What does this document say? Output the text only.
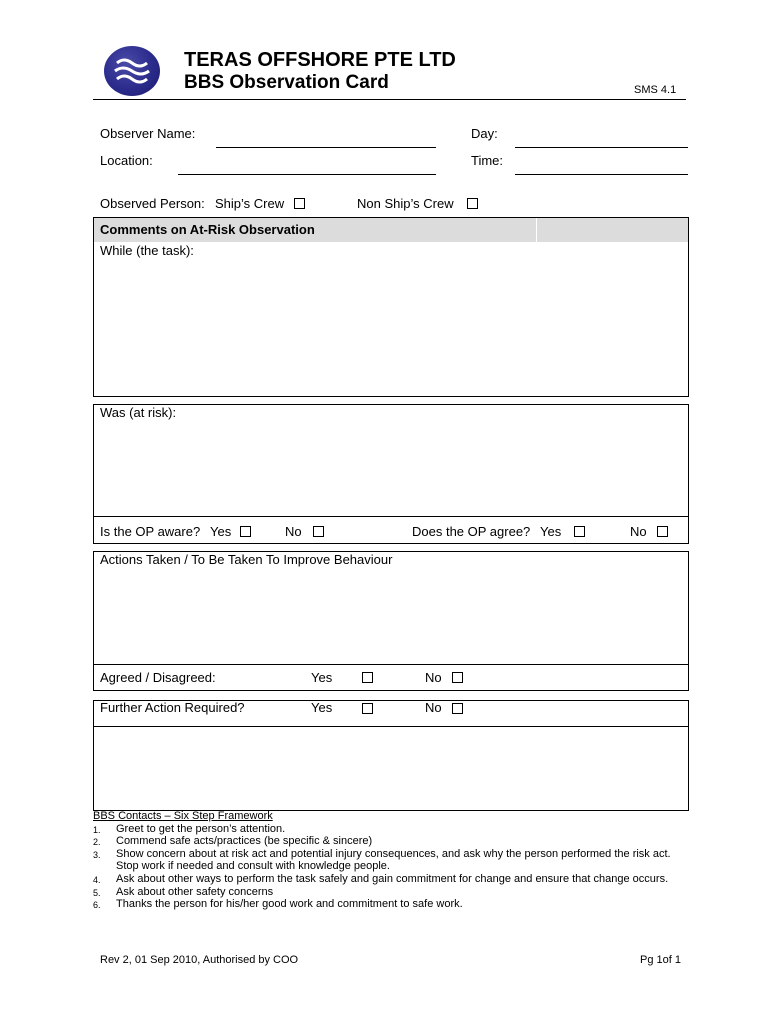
TERAS OFFSHORE PTE LTD
BBS Observation Card	SMS 4.1
Observer Name:	Day:
Location:	Time:
Observed Person: Ship’s Crew	Non Ship’s Crew
Comments on At-Risk Observation
While (the task):
Was (at risk):
Is the OP aware? Yes	No	Does the OP agree? Yes	No
Actions Taken / To Be Taken To Improve Behaviour
Agreed / Disagreed:	Yes	No
Further Action Required?	Yes	No
BBS Contacts – Six Step Framework
1. Greet to get the person’s attention.
2. Commend safe acts/practices (be specific & sincere)
3. Show concern about at risk act and potential injury consequences, and ask why the person performed the risk act. Stop work if needed and consult with knowledge people.
4. Ask about other ways to perform the task safely and gain commitment for change and ensure that change occurs.
5. Ask about other safety concerns
6. Thanks the person for his/her good work and commitment to safe work.
Rev 2, 01 Sep 2010, Authorised by COO	Pg 1of 1
